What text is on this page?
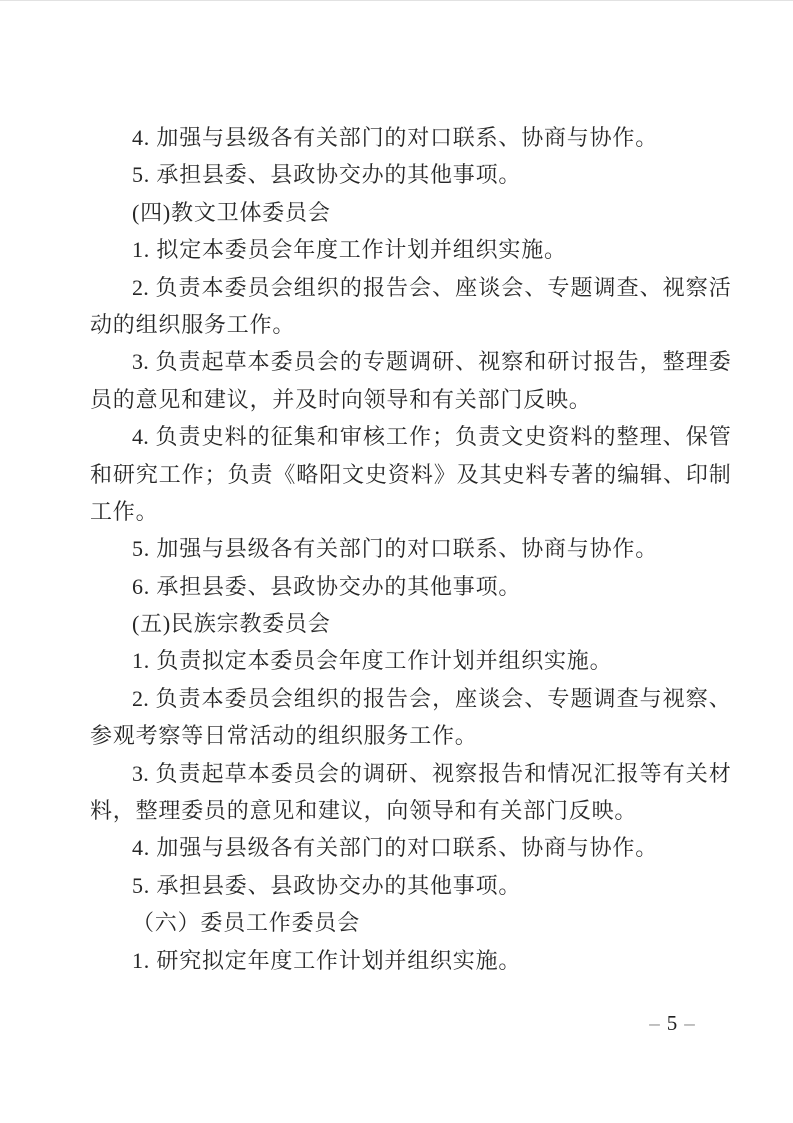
4. 加强与县级各有关部门的对口联系、协商与协作。
5. 承担县委、县政协交办的其他事项。
(四)教文卫体委员会
1. 拟定本委员会年度工作计划并组织实施。
2. 负责本委员会组织的报告会、座谈会、专题调查、视察活
动的组织服务工作。
3. 负责起草本委员会的专题调研、视察和研讨报告，整理委
员的意见和建议，并及时向领导和有关部门反映。
4. 负责史料的征集和审核工作；负责文史资料的整理、保管
和研究工作；负责《略阳文史资料》及其史料专著的编辑、印制
工作。
5. 加强与县级各有关部门的对口联系、协商与协作。
6. 承担县委、县政协交办的其他事项。
(五)民族宗教委员会
1. 负责拟定本委员会年度工作计划并组织实施。
2. 负责本委员会组织的报告会，座谈会、专题调查与视察、
参观考察等日常活动的组织服务工作。
3. 负责起草本委员会的调研、视察报告和情况汇报等有关材
料，整理委员的意见和建议，向领导和有关部门反映。
4. 加强与县级各有关部门的对口联系、协商与协作。
5. 承担县委、县政协交办的其他事项。
（六）委员工作委员会
1. 研究拟定年度工作计划并组织实施。
– 5 –
